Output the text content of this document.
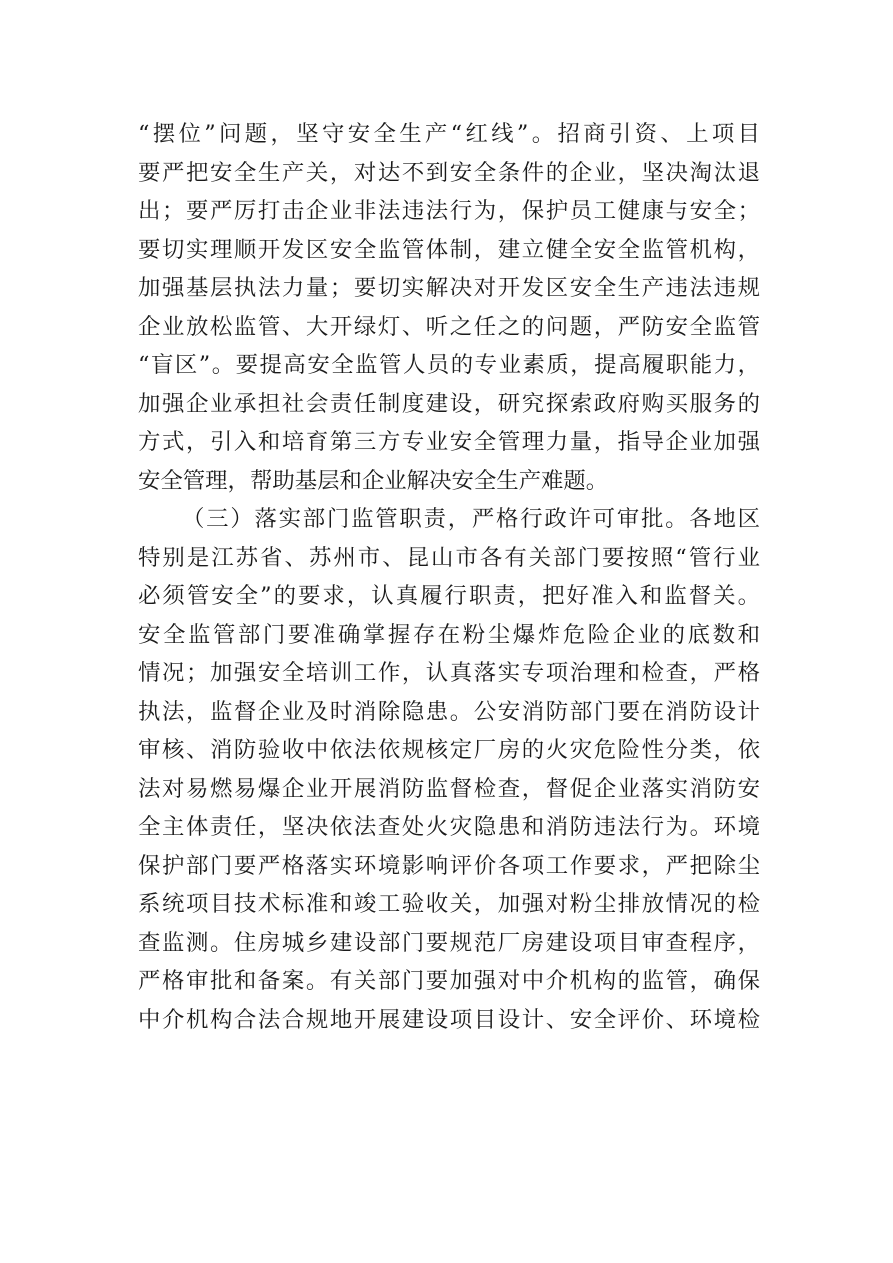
“摆位”问题，坚守安全生产“红线”。招商引资、上项目
要严把安全生产关，对达不到安全条件的企业，坚决淘汰退
出；要严厉打击企业非法违法行为，保护员工健康与安全；
要切实理顺开发区安全监管体制，建立健全安全监管机构，
加强基层执法力量；要切实解决对开发区安全生产违法违规
企业放松监管、大开绿灯、听之任之的问题，严防安全监管
“盲区”。要提高安全监管人员的专业素质，提高履职能力，
加强企业承担社会责任制度建设，研究探索政府购买服务的
方式，引入和培育第三方专业安全管理力量，指导企业加强
安全管理，帮助基层和企业解决安全生产难题。
（三）落实部门监管职责，严格行政许可审批。各地区
特别是江苏省、苏州市、昆山市各有关部门要按照“管行业
必须管安全”的要求，认真履行职责，把好准入和监督关。
安全监管部门要准确掌握存在粉尘爆炸危险企业的底数和
情况；加强安全培训工作，认真落实专项治理和检查，严格
执法，监督企业及时消除隐患。公安消防部门要在消防设计
审核、消防验收中依法依规核定厂房的火灾危险性分类，依
法对易燃易爆企业开展消防监督检查，督促企业落实消防安
全主体责任，坚决依法查处火灾隐患和消防违法行为。环境
保护部门要严格落实环境影响评价各项工作要求，严把除尘
系统项目技术标准和竣工验收关，加强对粉尘排放情况的检
查监测。住房城乡建设部门要规范厂房建设项目审查程序，
严格审批和备案。有关部门要加强对中介机构的监管，确保
中介机构合法合规地开展建设项目设计、安全评价、环境检
